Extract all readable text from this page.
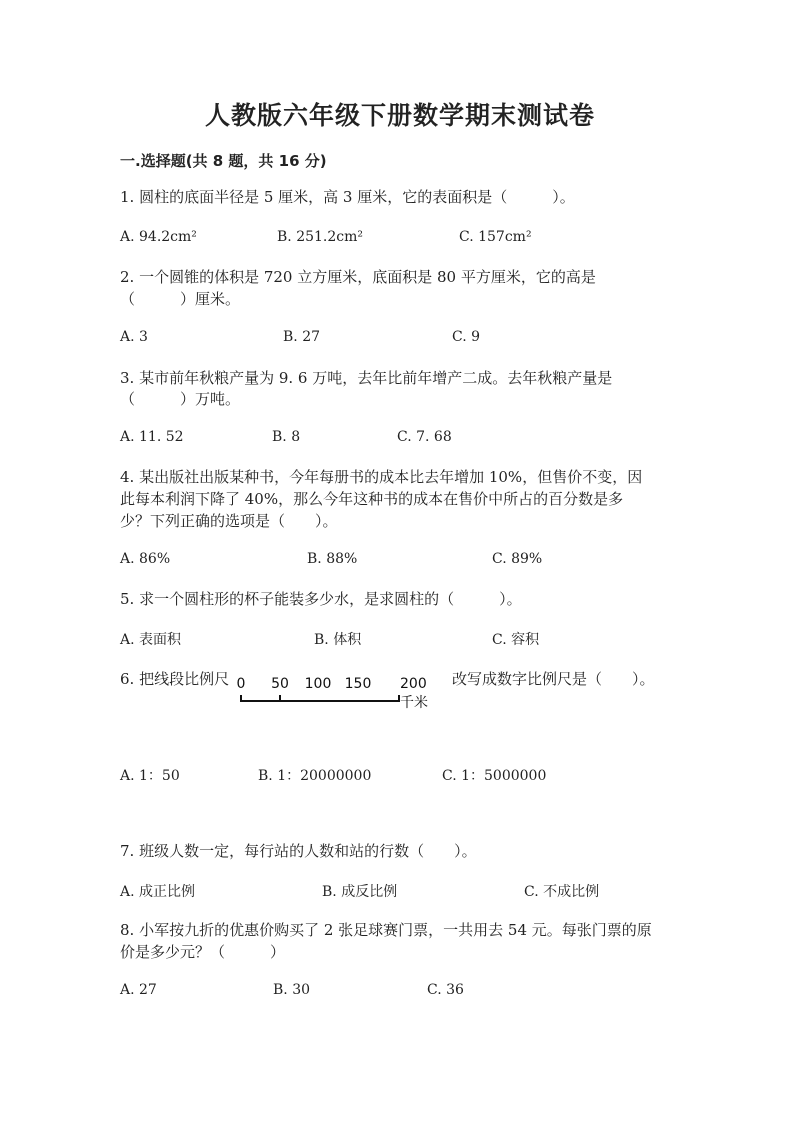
人教版六年级下册数学期末测试卷
一.选择题(共 8 题，共 16 分)
1. 圆柱的底面半径是 5 厘米，高 3 厘米，它的表面积是（　　　）。
A. 94.2cm²	B. 251.2cm²	C. 157cm²
2. 一个圆锥的体积是 720 立方厘米，底面积是 80 平方厘米，它的高是
（　　　）厘米。
A. 3	B. 27	C. 9
3. 某市前年秋粮产量为 9. 6 万吨，去年比前年增产二成。去年秋粮产量是
（　　　）万吨。
A. 11. 52	B. 8	C. 7. 68
4. 某出版社出版某种书，今年每册书的成本比去年增加 10%，但售价不变，因
此每本利润下降了 40%，那么今年这种书的成本在售价中所占的百分数是多
少？下列正确的选项是（　　）。
A. 86%	B. 88%	C. 89%
5. 求一个圆柱形的杯子能装多少水，是求圆柱的（　　　）。
A. 表面积	B. 体积	C. 容积
6. 把线段比例尺 0 50 100 150 200千米
改写成数字比例尺是（　　）。
A. 1：50	B. 1：20000000	C. 1：5000000
7. 班级人数一定，每行站的人数和站的行数（　　）。
A. 成正比例	B. 成反比例	C. 不成比例
8. 小军按九折的优惠价购买了 2 张足球赛门票，一共用去 54 元。每张门票的原
价是多少元？（　　　）
A. 27	B. 30	C. 36
